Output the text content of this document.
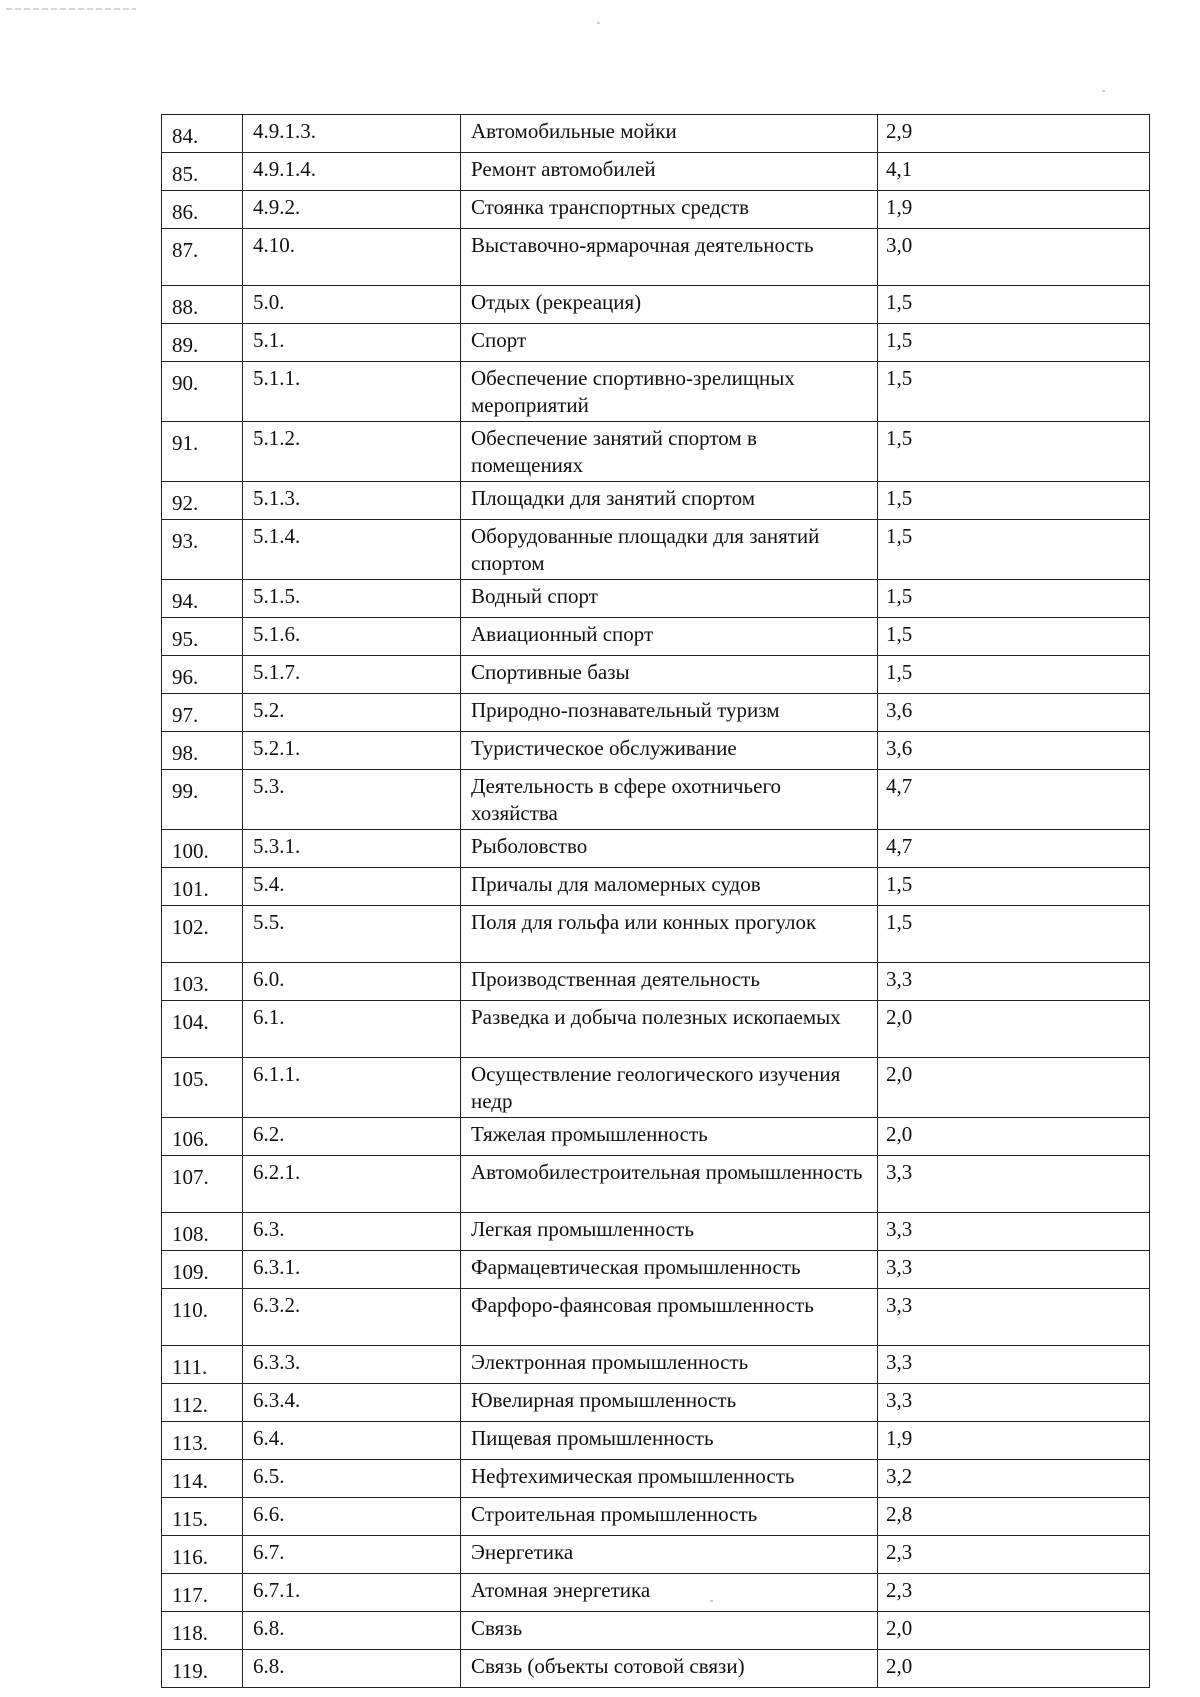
84.	4.9.1.3.	Автомобильные мойки	2,9
85.	4.9.1.4.	Ремонт автомобилей	4,1
86.	4.9.2.	Стоянка транспортных средств	1,9
87.	4.10.	Выставочно-ярмарочная деятельность	3,0
88.	5.0.	Отдых (рекреация)	1,5
89.	5.1.	Спорт	1,5
90.	5.1.1.	Обеспечение спортивно-зрелищных мероприятий	1,5
91.	5.1.2.	Обеспечение занятий спортом в помещениях	1,5
92.	5.1.3.	Площадки для занятий спортом	1,5
93.	5.1.4.	Оборудованные площадки для занятий спортом	1,5
94.	5.1.5.	Водный спорт	1,5
95.	5.1.6.	Авиационный спорт	1,5
96.	5.1.7.	Спортивные базы	1,5
97.	5.2.	Природно-познавательный туризм	3,6
98.	5.2.1.	Туристическое обслуживание	3,6
99.	5.3.	Деятельность в сфере охотничьего хозяйства	4,7
100.	5.3.1.	Рыболовство	4,7
101.	5.4.	Причалы для маломерных судов	1,5
102.	5.5.	Поля для гольфа или конных прогулок	1,5
103.	6.0.	Производственная деятельность	3,3
104.	6.1.	Разведка и добыча полезных ископаемых	2,0
105.	6.1.1.	Осуществление геологического изучения недр	2,0
106.	6.2.	Тяжелая промышленность	2,0
107.	6.2.1.	Автомобилестроительная промышленность	3,3
108.	6.3.	Легкая промышленность	3,3
109.	6.3.1.	Фармацевтическая промышленность	3,3
110.	6.3.2.	Фарфоро-фаянсовая промышленность	3,3
111.	6.3.3.	Электронная промышленность	3,3
112.	6.3.4.	Ювелирная промышленность	3,3
113.	6.4.	Пищевая промышленность	1,9
114.	6.5.	Нефтехимическая промышленность	3,2
115.	6.6.	Строительная промышленность	2,8
116.	6.7.	Энергетика	2,3
117.	6.7.1.	Атомная энергетика	2,3
118.	6.8.	Связь	2,0
119.	6.8.	Связь (объекты сотовой связи)	2,0
